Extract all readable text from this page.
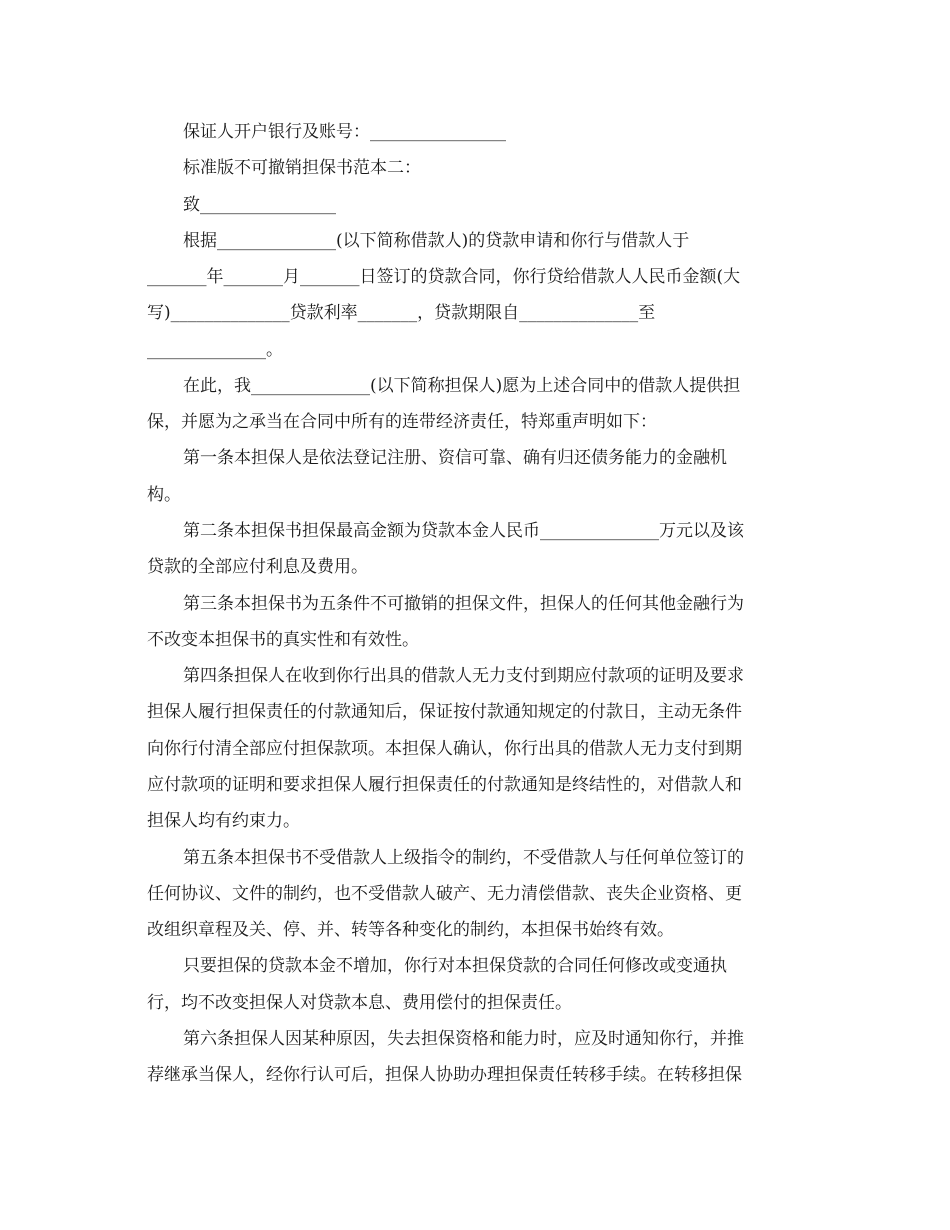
保证人开户银行及账号：________________
标准版不可撤销担保书范本二：
致________________
根据______________(以下简称借款人)的贷款申请和你行与借款人于
_______年_______月_______日签订的贷款合同，你行贷给借款人人民币金额(大
写)______________贷款利率_______，贷款期限自______________至
______________。
在此，我______________(以下简称担保人)愿为上述合同中的借款人提供担
保，并愿为之承当在合同中所有的连带经济责任，特郑重声明如下：
第一条本担保人是依法登记注册、资信可靠、确有归还债务能力的金融机
构。
第二条本担保书担保最高金额为贷款本金人民币______________万元以及该
贷款的全部应付利息及费用。
第三条本担保书为五条件不可撤销的担保文件，担保人的任何其他金融行为
不改变本担保书的真实性和有效性。
第四条担保人在收到你行出具的借款人无力支付到期应付款项的证明及要求
担保人履行担保责任的付款通知后，保证按付款通知规定的付款日，主动无条件
向你行付清全部应付担保款项。本担保人确认，你行出具的借款人无力支付到期
应付款项的证明和要求担保人履行担保责任的付款通知是终结性的，对借款人和
担保人均有约束力。
第五条本担保书不受借款人上级指令的制约，不受借款人与任何单位签订的
任何协议、文件的制约，也不受借款人破产、无力清偿借款、丧失企业资格、更
改组织章程及关、停、并、转等各种变化的制约，本担保书始终有效。
只要担保的贷款本金不增加，你行对本担保贷款的合同任何修改或变通执
行，均不改变担保人对贷款本息、费用偿付的担保责任。
第六条担保人因某种原因，失去担保资格和能力时，应及时通知你行，并推
荐继承当保人，经你行认可后，担保人协助办理担保责任转移手续。在转移担保
